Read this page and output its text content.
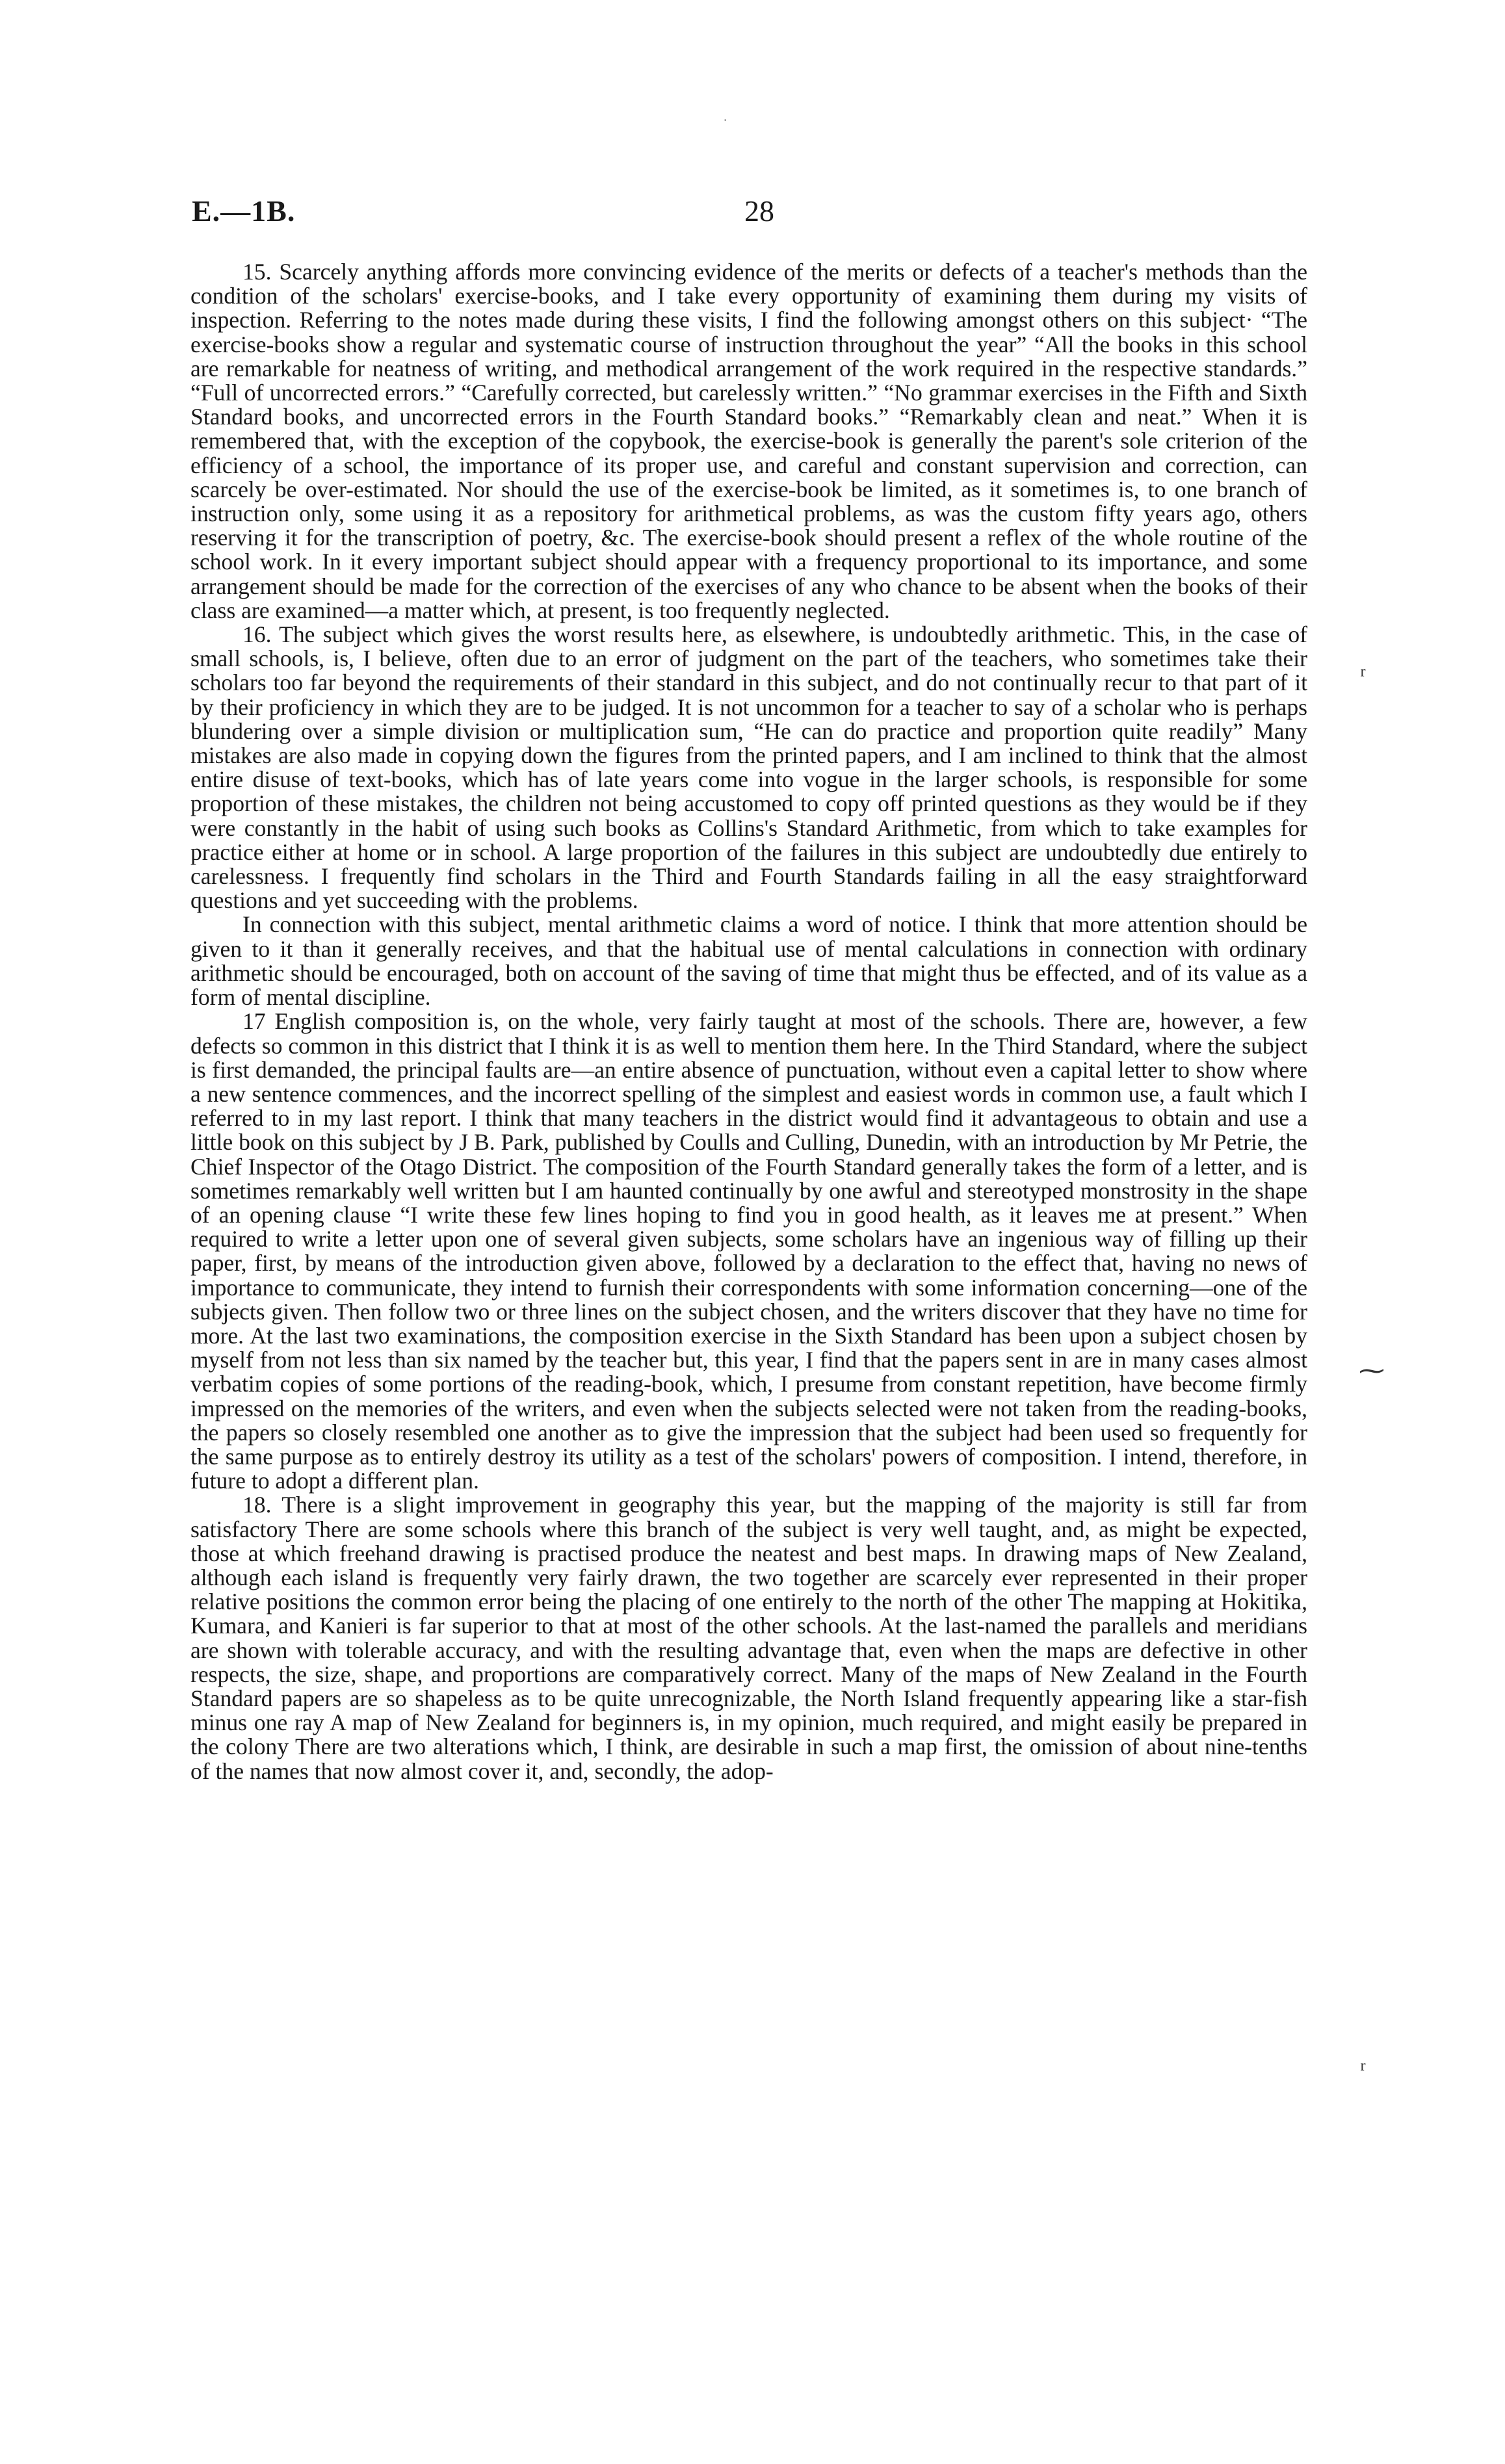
·
E.—1B.	28

15. Scarcely anything affords more convincing evidence of the merits or defects of a teacher's methods than the condition of the scholars' exercise-books, and I take every opportunity of examining them during my visits of inspection. Referring to the notes made during these visits, I find the following amongst others on this subject· “The exercise-books show a regular and systematic course of instruction throughout the year” “All the books in this school are remarkable for neatness of writing, and methodical arrangement of the work required in the respective standards.” “Full of uncorrected errors.” “Carefully corrected, but carelessly written.” “No grammar exercises in the Fifth and Sixth Standard books, and uncorrected errors in the Fourth Standard books.” “Remarkably clean and neat.” When it is remembered that, with the exception of the copybook, the exercise-book is generally the parent's sole criterion of the efficiency of a school, the importance of its proper use, and careful and constant supervision and correction, can scarcely be over-estimated. Nor should the use of the exercise-book be limited, as it sometimes is, to one branch of instruction only, some using it as a repository for arithmetical problems, as was the custom fifty years ago, others reserving it for the transcription of poetry, &c. The exercise-book should present a reflex of the whole routine of the school work. In it every important subject should appear with a frequency proportional to its importance, and some arrangement should be made for the correction of the exercises of any who chance to be absent when the books of their class are examined—a matter which, at present, is too frequently neglected.

16. The subject which gives the worst results here, as elsewhere, is undoubtedly arithmetic. This, in the case of small schools, is, I believe, often due to an error of judgment on the part of the teachers, who sometimes take their scholars too far beyond the requirements of their standard in this subject, and do not continually recur to that part of it by their proficiency in which they are to be judged. It is not uncommon for a teacher to say of a scholar who is perhaps blundering over a simple division or multiplication sum, “He can do practice and proportion quite readily” Many mistakes are also made in copying down the figures from the printed papers, and I am inclined to think that the almost entire disuse of text-books, which has of late years come into vogue in the larger schools, is responsible for some proportion of these mistakes, the children not being accustomed to copy off printed questions as they would be if they were constantly in the habit of using such books as Collins's Standard Arithmetic, from which to take examples for practice either at home or in school. A large proportion of the failures in this subject are undoubtedly due entirely to carelessness. I frequently find scholars in the Third and Fourth Standards failing in all the easy straightforward questions and yet succeeding with the problems.

In connection with this subject, mental arithmetic claims a word of notice. I think that more attention should be given to it than it generally receives, and that the habitual use of mental calculations in connection with ordinary arithmetic should be encouraged, both on account of the saving of time that might thus be effected, and of its value as a form of mental discipline.

17 English composition is, on the whole, very fairly taught at most of the schools. There are, however, a few defects so common in this district that I think it is as well to mention them here. In the Third Standard, where the subject is first demanded, the principal faults are—an entire absence of punctuation, without even a capital letter to show where a new sentence commences, and the incorrect spelling of the simplest and easiest words in common use, a fault which I referred to in my last report. I think that many teachers in the district would find it advantageous to obtain and use a little book on this subject by J B. Park, published by Coulls and Culling, Dunedin, with an introduction by Mr Petrie, the Chief Inspector of the Otago District. The composition of the Fourth Standard generally takes the form of a letter, and is sometimes remarkably well written but I am haunted continually by one awful and stereotyped monstrosity in the shape of an opening clause “I write these few lines hoping to find you in good health, as it leaves me at present.” When required to write a letter upon one of several given subjects, some scholars have an ingenious way of filling up their paper, first, by means of the introduction given above, followed by a declaration to the effect that, having no news of importance to communicate, they intend to furnish their correspondents with some information concerning—one of the subjects given. Then follow two or three lines on the subject chosen, and the writers discover that they have no time for more. At the last two examinations, the composition exercise in the Sixth Standard has been upon a subject chosen by myself from not less than six named by the teacher but, this year, I find that the papers sent in are in many cases almost verbatim copies of some portions of the reading-book, which, I presume from constant repetition, have become firmly impressed on the memories of the writers, and even when the subjects selected were not taken from the reading-books, the papers so closely resembled one another as to give the impression that the subject had been used so frequently for the same purpose as to entirely destroy its utility as a test of the scholars' powers of composition. I intend, therefore, in future to adopt a different plan.

18. There is a slight improvement in geography this year, but the mapping of the majority is still far from satisfactory There are some schools where this branch of the subject is very well taught, and, as might be expected, those at which freehand drawing is practised produce the neatest and best maps. In drawing maps of New Zealand, although each island is frequently very fairly drawn, the two together are scarcely ever represented in their proper relative positions the common error being the placing of one entirely to the north of the other The mapping at Hokitika, Kumara, and Kanieri is far superior to that at most of the other schools. At the last-named the parallels and meridians are shown with tolerable accuracy, and with the resulting advantage that, even when the maps are defective in other respects, the size, shape, and proportions are comparatively correct. Many of the maps of New Zealand in the Fourth Standard papers are so shapeless as to be quite unrecognizable, the North Island frequently appearing like a star-fish minus one ray A map of New Zealand for beginners is, in my opinion, much required, and might easily be prepared in the colony There are two alterations which, I think, are desirable in such a map first, the omission of about nine-tenths of the names that now almost cover it, and, secondly, the adop-

ᵣ
⁓
ᵣ
